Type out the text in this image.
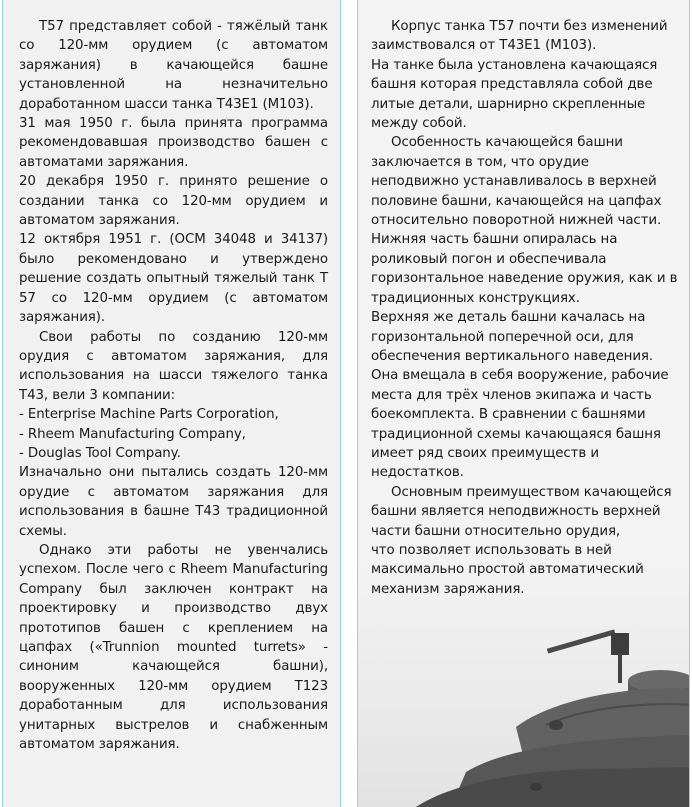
Т57 представляет собой - тяжёлый танк со 120-мм орудием (с автоматом заряжания) в качающейся башне установленной на незначительно доработанном шасси танка Т43Е1 (М103).

31 мая 1950 г. была принята программа рекомендовавшая производство башен с автоматами заряжания.

20 декабря 1950 г. принято решение о создании танка со 120-мм орудием и автоматом заряжания.

12 октября 1951 г. (OCM 34048 и 34137) было рекомендовано и утверждено решение создать опытный тяжелый танк Т 57 со 120-мм орудием (с автоматом заряжания).

Свои работы по созданию 120-мм орудия с автоматом заряжания, для использования на шасси тяжелого танка Т43, вели 3 компании:

- Enterprise Machine Parts Corporation,

- Rheem Manufacturing Company,

- Douglas Tool Company.

Изначально они пытались создать 120-мм орудие с автоматом заряжания для использования в башне Т43 традиционной схемы.

Однако эти работы не увенчались успехом. После чего с Rheem Manufacturing Company был заключен контракт на проектировку и производство двух прототипов башен с креплением на цапфах («Trunnion mounted turrets» - синоним качающейся башни), вооруженных 120-мм орудием Т123 доработанным для использования унитарных выстрелов и снабженным автоматом заряжания.

Корпус танка Т57 почти без изменений заимствовался от Т43Е1 (М103).

На танке была установлена качающаяся башня которая представляла собой две литые детали, шарнирно скрепленные между собой.

Особенность качающейся башни заключается в том, что орудие неподвижно устанавливалось в верхней половине башни, качающейся на цапфах относительно поворотной нижней части.

Нижняя часть башни опиралась на роликовый погон и обеспечивала горизонтальное наведение оружия, как и в традиционных конструкциях.

Верхняя же деталь башни качалась на горизонтальной поперечной оси, для обеспечения вертикального наведения.

Она вмещала в себя вооружение, рабочие места для трёх членов экипажа и часть боекомплекта. В сравнении с башнями традиционной схемы качающаяся башня имеет ряд своих преимуществ и недостатков.

Основным преимуществом качающейся башни является неподвижность верхней части башни относительно орудия,

что позволяет использовать в ней максимально простой автоматический механизм заряжания.
